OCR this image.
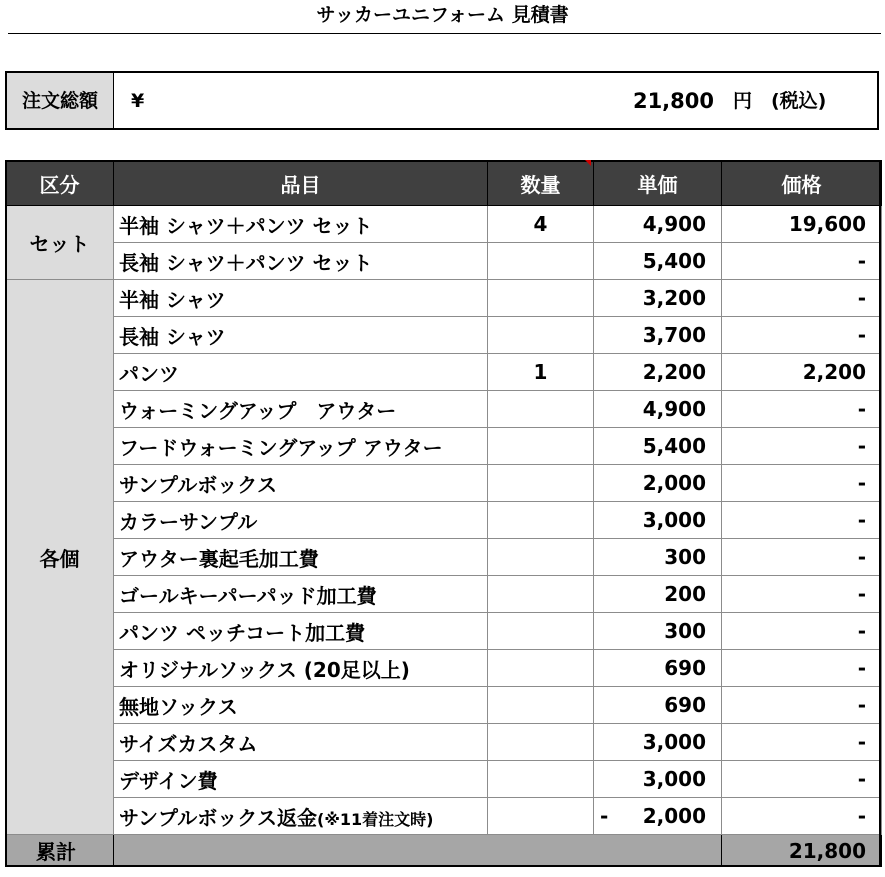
サッカーユニフォーム 見積書
注文総額	¥	21,800 円 (税込)
区分	品目	数量	単価	価格
セット	半袖 シャツ＋パンツ セット	4	4,900	19,600
	長袖 シャツ＋パンツ セット		5,400	-
各個	半袖 シャツ		3,200	-
	長袖 シャツ		3,700	-
	パンツ	1	2,200	2,200
	ウォーミングアップ　アウター		4,900	-
	フードウォーミングアップ アウター		5,400	-
	サンプルボックス		2,000	-
	カラーサンプル		3,000	-
	アウター裏起毛加工費		300	-
	ゴールキーパーパッド加工費		200	-
	パンツ ペッチコート加工費		300	-
	オリジナルソックス (20足以上)		690	-
	無地ソックス		690	-
	サイズカスタム		3,000	-
	デザイン費		3,000	-
	サンプルボックス返金(※11着注文時)		- 2,000	-
累計				21,800
